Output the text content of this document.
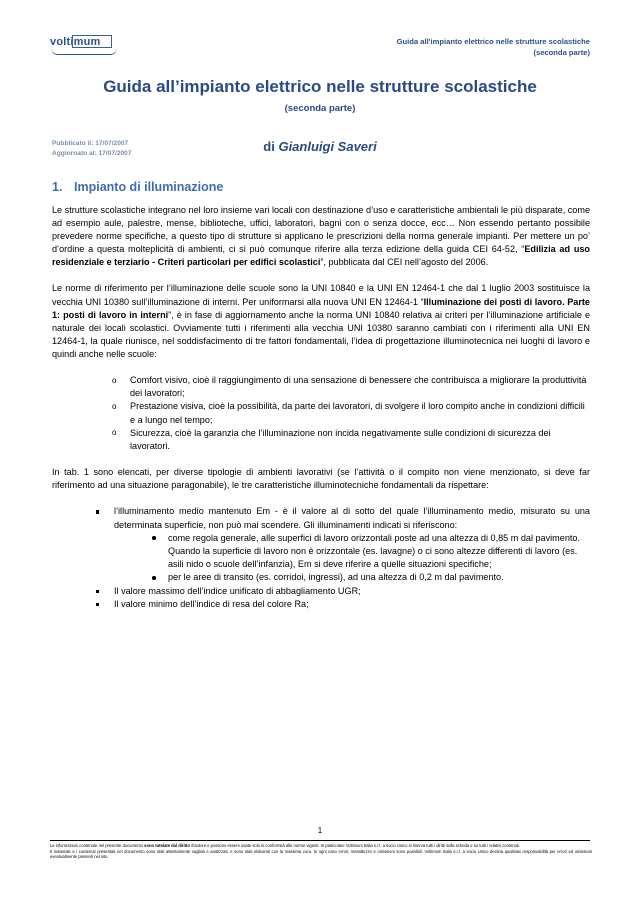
voltimum	Guida all'impianto elettrico nelle strutture scolastiche
(seconda parte)
Guida all’impianto elettrico nelle strutture scolastiche
(seconda parte)
Pubblicato il: 17/07/2007
Aggiornato al: 17/07/2007	di Gianluigi Saveri
1. Impianto di illuminazione

Le strutture scolastiche integrano nel loro insieme vari locali con destinazione d’uso e caratteristiche ambientali le più disparate, come ad esempio aule, palestre, mense, biblioteche, uffici, laboratori, bagni con o senza docce, ecc… Non essendo pertanto possibile prevedere norme specifiche, a questo tipo di strutture si applicano le prescrizioni della norma generale impianti. Per mettere un po’ d’ordine a questa molteplicità di ambienti, ci si può comunque riferire alla terza edizione della guida CEI 64-52, “Edilizia ad uso residenziale e terziario - Criteri particolari per edifici scolastici”, pubblicata dal CEI nell’agosto del 2006.

Le norme di riferimento per l’illuminazione delle scuole sono la UNI 10840 e la UNI EN 12464-1 che dal 1 luglio 2003 sostituisce la vecchia UNI 10380 sull’illuminazione di interni. Per uniformarsi alla nuova UNI EN 12464-1 “Illuminazione dei posti di lavoro. Parte 1: posti di lavoro in interni”, è in fase di aggiornamento anche la norma UNI 10840 relativa ai criteri per l’illuminazione artificiale e naturale dei locali scolastici. Ovviamente tutti i riferimenti alla vecchia UNI 10380 saranno cambiati con i riferimenti alla UNI EN 12464-1, la quale riunisce, nel soddisfacimento di tre fattori fondamentali, l’idea di progettazione illuminotecnica nei luoghi di lavoro e quindi anche nelle scuole:

o Comfort visivo, cioè il raggiungimento di una sensazione di benessere che contribuisca a migliorare la produttività dei lavoratori;
o Prestazione visiva, cioè la possibilità, da parte dei lavoratori, di svolgere il loro compito anche in condizioni difficili e a lungo nel tempo;
o Sicurezza, cioè la garanzia che l’illuminazione non incida negativamente sulle condizioni di sicurezza dei lavoratori.

In tab. 1 sono elencati, per diverse tipologie di ambienti lavorativi (se l’attività o il compito non viene menzionato, si deve far riferimento ad una situazione paragonabile), le tre caratteristiche illuminotecniche fondamentali da rispettare:

l’illuminamento medio mantenuto Em - è il valore al di sotto del quale l’illuminamento medio, misurato su una determinata superficie, non può mai scendere. Gli illuminamenti indicati si riferiscono:
come regola generale, alle superfici di lavoro orizzontali poste ad una altezza di 0,85 m dal pavimento. Quando la superficie di lavoro non è orizzontale (es. lavagne) o ci sono altezze differenti di lavoro (es. asili nido o scuole dell’infanzia), Em si deve riferire a quelle situazioni specifiche;
per le aree di transito (es. corridoi, ingressi), ad una altezza di 0,2 m dal pavimento.
Il valore massimo dell’indice unificato di abbagliamento UGR;
Il valore minimo dell’indice di resa del colore Ra;
1

Le informazioni contenute nel presente documento sono tutelate dal diritto d’autore e possono essere usate solo in conformità alle norme vigenti. In particolare Voltimum Italia s.r.l. a socio Unico si riserva tutti i diritti sulla scheda e su tutti i relativi contenuti.

Il materiale e i contenuti presentati nel documento sono stati attentamente vagliati e analizzati, e sono stati elaborati con la massima cura. In ogni caso errori, inesattezze e omissioni sono possibili. Voltimum Italia s.r.l. a socio Unico declina qualsiasi responsabilità per errori ed omissioni eventualmente presenti nel sito.
